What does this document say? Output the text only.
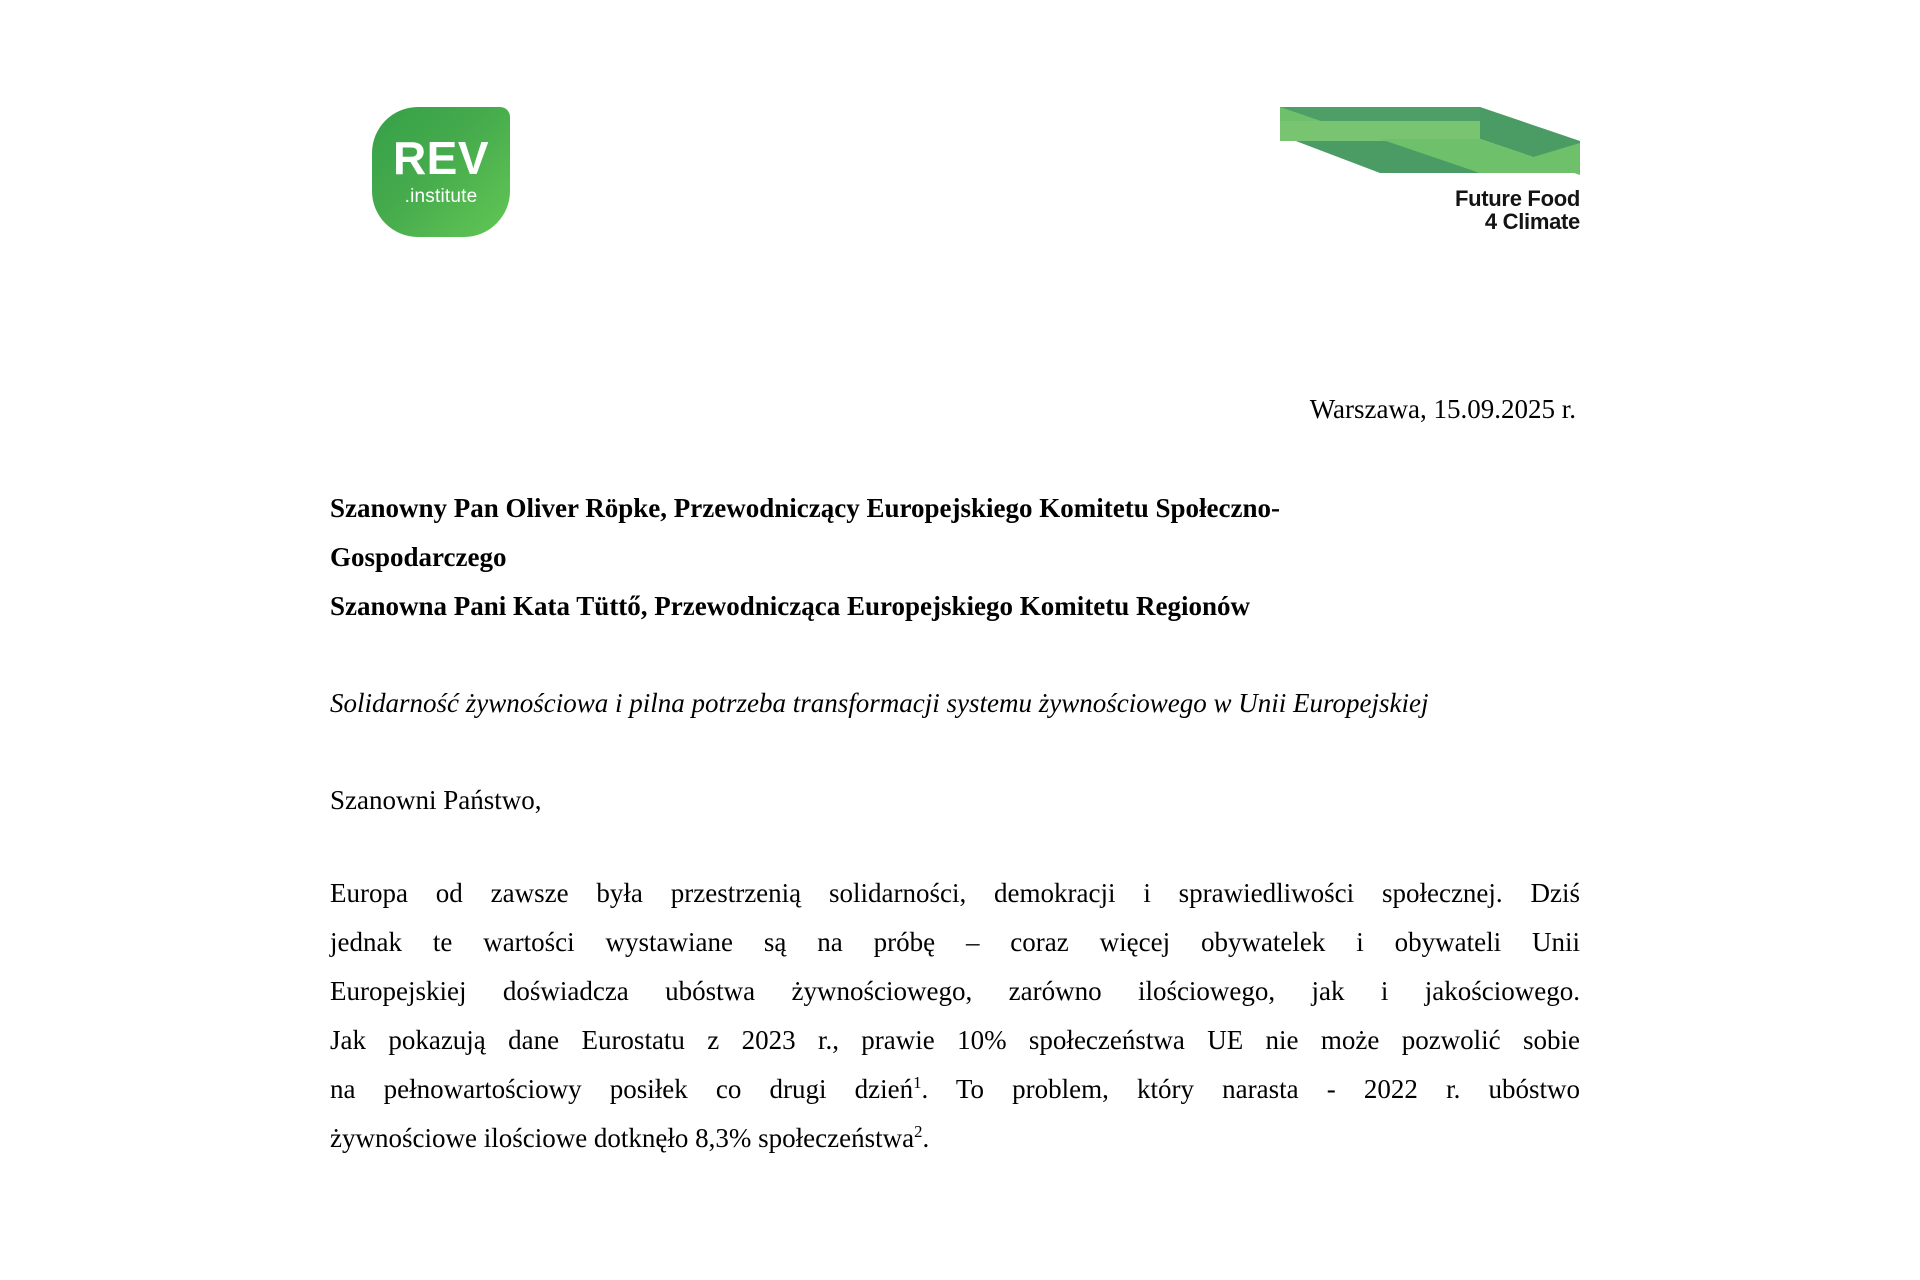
REV
.institute	Future Food
4 Climate
Warszawa, 15.09.2025 r.
Szanowny Pan Oliver Röpke, Przewodniczący Europejskiego Komitetu Społeczno-
Gospodarczego
Szanowna Pani Kata Tüttő, Przewodnicząca Europejskiego Komitetu Regionów
Solidarność żywnościowa i pilna potrzeba transformacji systemu żywnościowego w Unii Europejskiej
Szanowni Państwo,
Europa od zawsze była przestrzenią solidarności, demokracji i sprawiedliwości społecznej. Dziś
jednak te wartości wystawiane są na próbę – coraz więcej obywatelek i obywateli Unii
Europejskiej doświadcza ubóstwa żywnościowego, zarówno ilościowego, jak i jakościowego.
Jak pokazują dane Eurostatu z 2023 r., prawie 10% społeczeństwa UE nie może pozwolić sobie
na pełnowartościowy posiłek co drugi dzień$^1$. To problem, który narasta - 2022 r. ubóstwo
żywnościowe ilościowe dotknęło 8,3% społeczeństwa$^2$.
